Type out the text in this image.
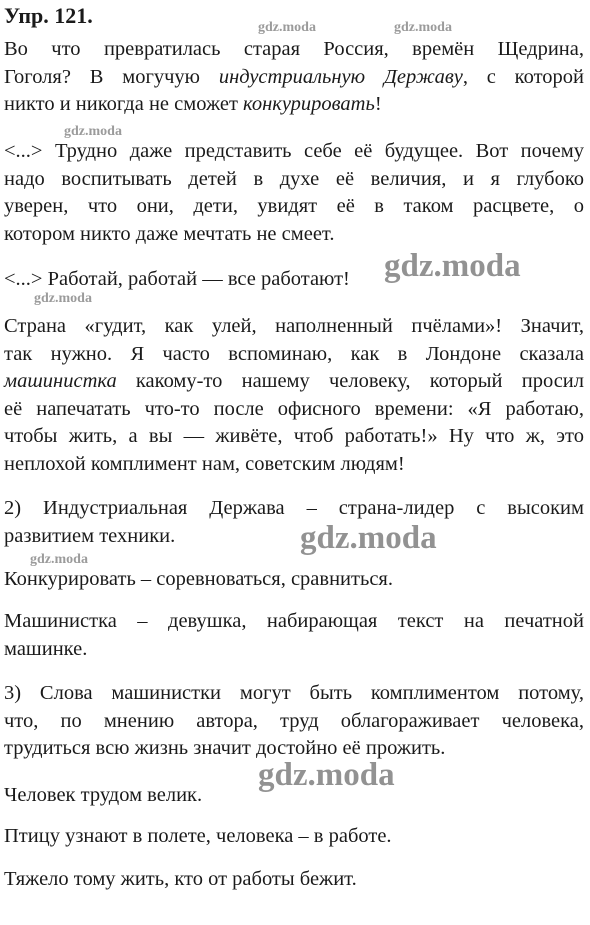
Упр. 121.
Во что превратилась старая Россия, времён Щедрина,
Гоголя? В могучую индустриальную Державу, с которой
никто и никогда не сможет конкурировать!
<...> Трудно даже представить себе её будущее. Вот почему
надо воспитывать детей в духе её величия, и я глубоко
уверен, что они, дети, увидят её в таком расцвете, о
котором никто даже мечтать не смеет.
<...> Работай, работай — все работают!
Страна «гудит, как улей, наполненный пчёлами»! Значит,
так нужно. Я часто вспоминаю, как в Лондоне сказала
машинистка какому-то нашему человеку, который просил
её напечатать что-то после офисного времени: «Я работаю,
чтобы жить, а вы — живёте, чтоб работать!» Ну что ж, это
неплохой комплимент нам, советским людям!
2) Индустриальная Держава – страна-лидер с высоким
развитием техники.
Конкурировать – соревноваться, сравниться.
Машинистка – девушка, набирающая текст на печатной
машинке.
3) Слова машинистки могут быть комплиментом потому,
что, по мнению автора, труд облагораживает человека,
трудиться всю жизнь значит достойно её прожить.
Человек трудом велик.
Птицу узнают в полете, человека – в работе.
Тяжело тому жить, кто от работы бежит.
gdz.moda	gdz.moda
gdz.moda
gdz.moda
gdz.moda
gdz.moda
gdz.moda
gdz.moda
